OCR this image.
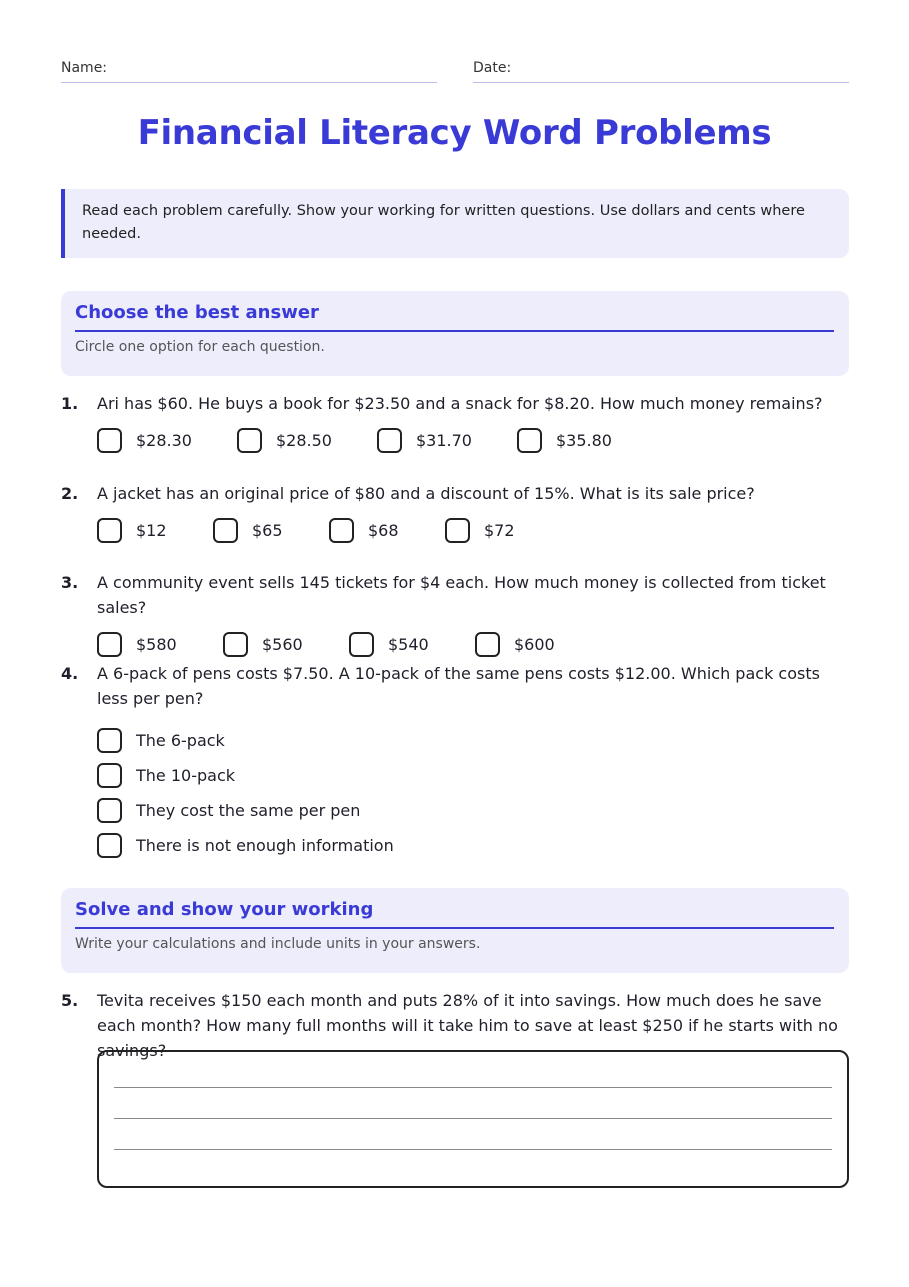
Name:	Date:
Financial Literacy Word Problems
Read each problem carefully. Show your working for written questions. Use dollars and cents where needed.
Choose the best answer

Circle one option for each question.

1.	Ari has $60. He buys a book for $23.50 and a snack for $8.20. How much money remains?
$28.30	$28.50	$31.70	$35.80
2.	A jacket has an original price of $80 and a discount of 15%. What is its sale price?
$12	$65	$68	$72
3.	A community event sells 145 tickets for $4 each. How much money is collected from ticket sales?
$580	$560	$540	$600
4.	A 6-pack of pens costs $7.50. A 10-pack of the same pens costs $12.00. Which pack costs less per pen?
The 6-pack
The 10-pack
They cost the same per pen
There is not enough information
Solve and show your working

Write your calculations and include units in your answers.

5.	Tevita receives $150 each month and puts 28% of it into savings. How much does he save each month? How many full months will it take him to save at least $250 if he starts with no savings?
